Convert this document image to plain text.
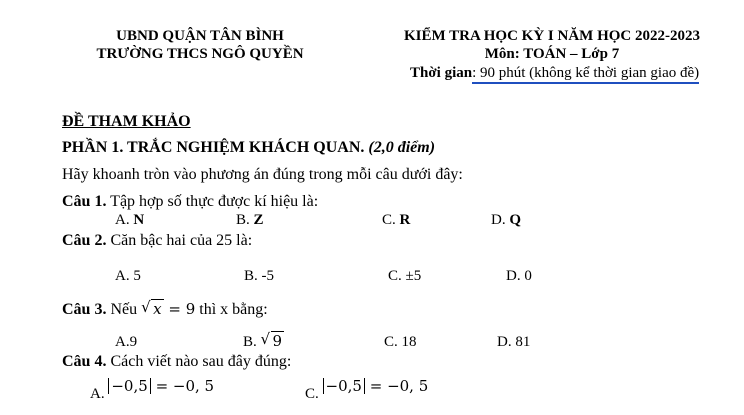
UBND QUẬN TÂN BÌNH
TRƯỜNG THCS NGÔ QUYỀN
KIỂM TRA HỌC KỲ I NĂM HỌC 2022-2023
Môn: TOÁN – Lớp 7
Thời gian: 90 phút (không kể thời gian giao đề)
ĐỀ THAM KHẢO
PHẦN 1. TRẮC NGHIỆM KHÁCH QUAN. (2,0 điểm)
Hãy khoanh tròn vào phương án đúng trong mỗi câu dưới đây:
Câu 1. Tập hợp số thực được kí hiệu là:
A. N	B. Z	C. R	D. Q
Câu 2. Căn bậc hai của 25 là:
A. 5	B. -5	C. ±5	D. 0
Câu 3. Nếu √ x = 9 thì x bằng:
A.9	B. √ 9	C. 18	D. 81
Câu 4. Cách viết nào sau đây đúng:
A. −0,5 = −0, 5	C. −0,5 = −0, 5
